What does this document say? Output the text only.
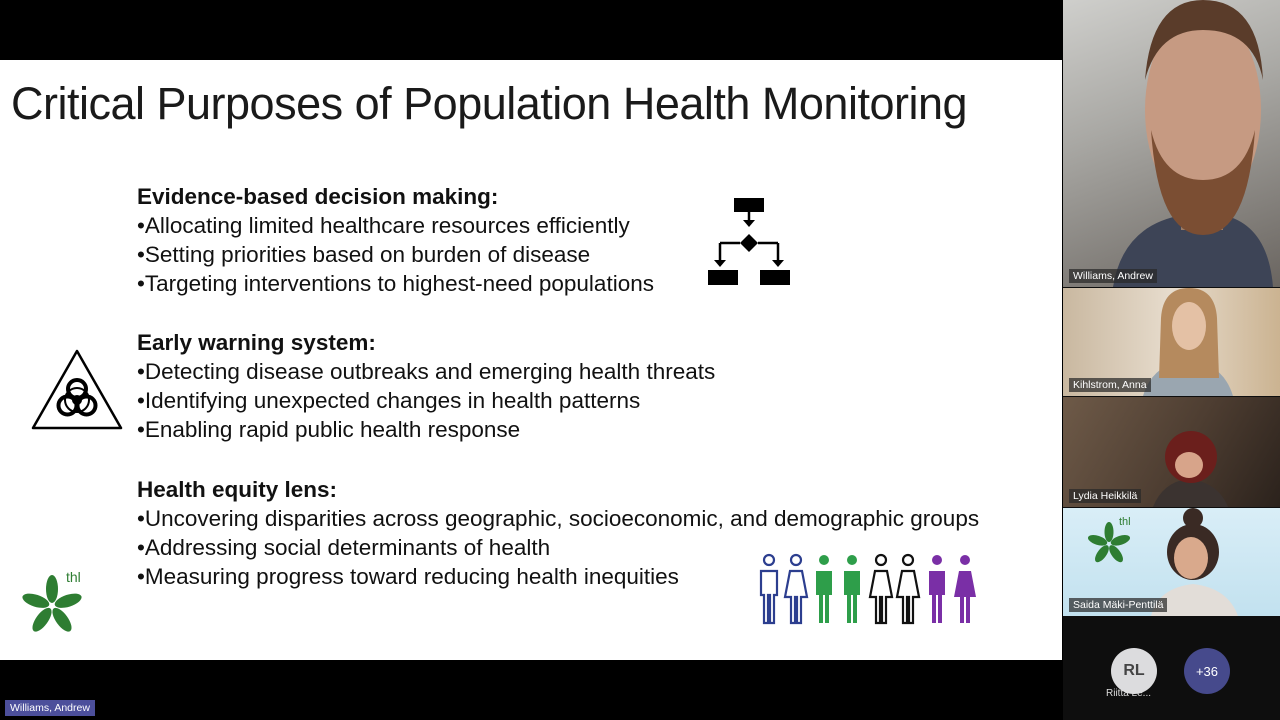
Critical Purposes of Population Health Monitoring
Evidence-based decision making:
•Allocating limited healthcare resources efficiently
•Setting priorities based on burden of disease
•Targeting interventions to highest-need populations
Early warning system:
•Detecting disease outbreaks and emerging health threats
•Identifying unexpected changes in health patterns
•Enabling rapid public health response
Health equity lens:
•Uncovering disparities across geographic, socioeconomic, and demographic groups
•Addressing social determinants of health
•Measuring progress toward reducing health inequities
thl
Williams, Andrew
Kihlstrom, Anna
Lydia Heikkilä
thl
Saida Mäki-Penttilä
RL
Riitta Le...
+36
Williams, Andrew
